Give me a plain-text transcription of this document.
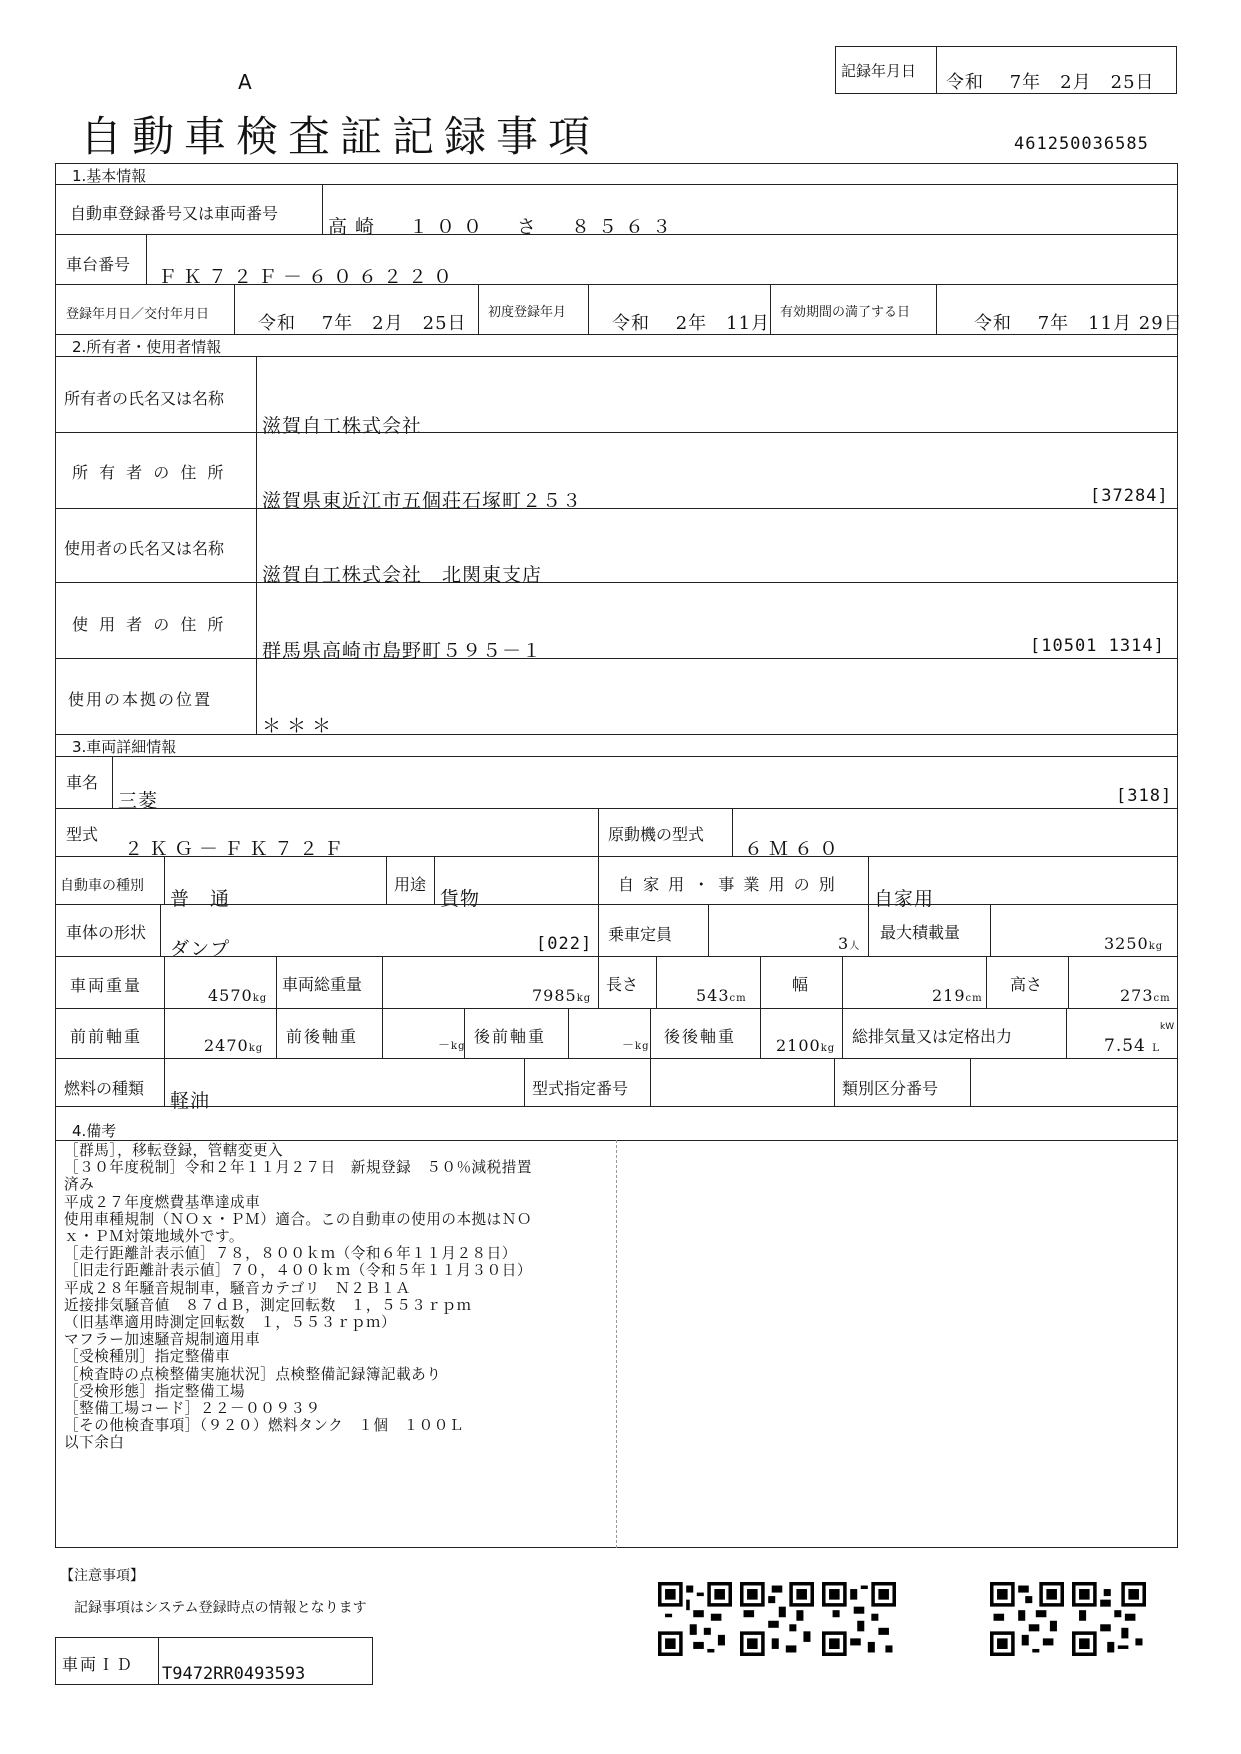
A
自動車検査証記録事項
記録年月日
令和　 7年　2月　25日
461250036585
1.基本情報
自動車登録番号又は車両番号
高崎　１００　さ　８５６３
車台番号
ＦＫ７２Ｆ－６０６２２０
登録年月日／交付年月日	令和　 7年　2月　25日
初度登録年月
令和　 2年　11月
有効期間の満了する日
令和　 7年　11月 29日
2.所有者・使用者情報
所有者の氏名又は名称
滋賀自工株式会社
所 有 者 の 住 所
滋賀県東近江市五個荘石塚町２５３	[37284]
使用者の氏名又は名称
滋賀自工株式会社　北関東支店
使 用 者 の 住 所
群馬県高崎市島野町５９５－１	[10501 1314]
使用の本拠の位置
＊＊＊
3.車両詳細情報
車名
三菱	[318]
型式
２ＫＧ－ＦＫ７２Ｆ
原動機の型式
６Ｍ６０
自動車の種別
普　通
用途
貨物
自 家 用 ・ 事 業 用 の 別
自家用
車体の形状
ダンプ	[022] 乗車定員	3人
最大積載量
3250kg
車両重量
4570kg
車両総重量
7985kg
長さ
543cm
幅
219cm
高さ
273cm
前前軸重	2470kg
前後軸重	－kg
後前軸重	－kg
後後軸重 2100kg
総排気量又は定格出力	kW
7.54 L
燃料の種類
軽油
型式指定番号	類別区分番号
4.備考
［群馬］，移転登録，管轄変更入
［３０年度税制］令和２年１１月２７日　新規登録　５０％減税措置
済み
平成２７年度燃費基準達成車
使用車種規制（ＮＯｘ・ＰＭ）適合。この自動車の使用の本拠はＮＯ
ｘ・ＰＭ対策地域外です。
［走行距離計表示値］７８，８００ｋｍ（令和６年１１月２８日）
［旧走行距離計表示値］７０，４００ｋｍ（令和５年１１月３０日）
平成２８年騒音規制車，騒音カテゴリ　Ｎ２Ｂ１Ａ
近接排気騒音値　８７ｄＢ，測定回転数　１，５５３ｒｐｍ
（旧基準適用時測定回転数　１，５５３ｒｐｍ）
マフラー加速騒音規制適用車
［受検種別］指定整備車
［検査時の点検整備実施状況］点検整備記録簿記載あり
［受検形態］指定整備工場
［整備工場コード］２２－００９３９
［その他検査事項］（９２０）燃料タンク　１個　１００Ｌ
以下余白
【注意事項】
記録事項はシステム登録時点の情報となります
車両ＩＤ T9472RR0493593
